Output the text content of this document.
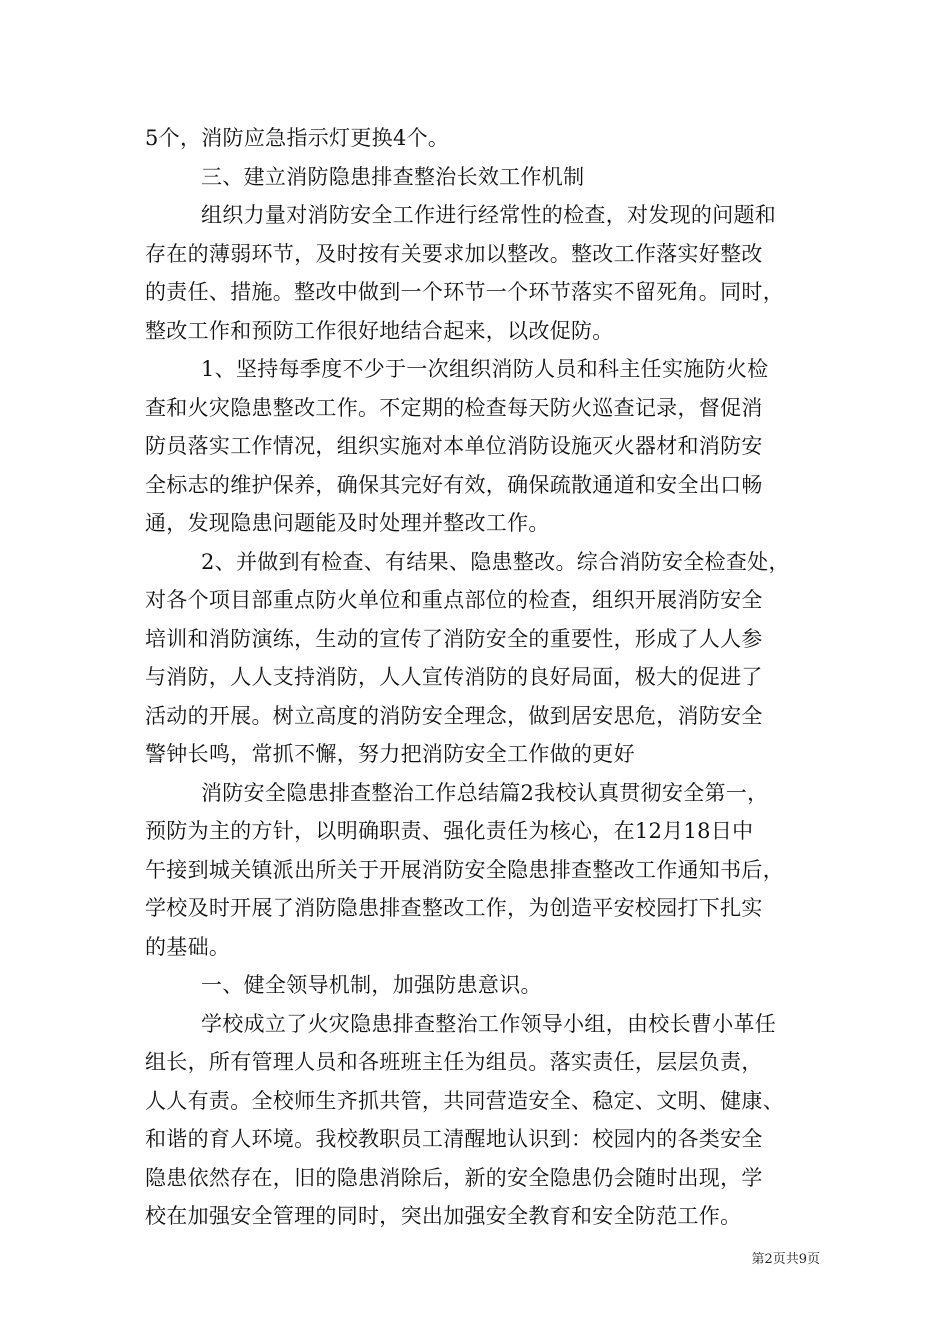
5个，消防应急指示灯更换4个。
三、建立消防隐患排查整治长效工作机制
组织力量对消防安全工作进行经常性的检查，对发现的问题和
存在的薄弱环节，及时按有关要求加以整改。整改工作落实好整改
的责任、措施。整改中做到一个环节一个环节落实不留死角。同时，
整改工作和预防工作很好地结合起来，以改促防。
1、坚持每季度不少于一次组织消防人员和科主任实施防火检
查和火灾隐患整改工作。不定期的检查每天防火巡查记录，督促消
防员落实工作情况，组织实施对本单位消防设施灭火器材和消防安
全标志的维护保养，确保其完好有效，确保疏散通道和安全出口畅
通，发现隐患问题能及时处理并整改工作。
2、并做到有检查、有结果、隐患整改。综合消防安全检查处，
对各个项目部重点防火单位和重点部位的检查，组织开展消防安全
培训和消防演练，生动的宣传了消防安全的重要性，形成了人人参
与消防，人人支持消防，人人宣传消防的良好局面，极大的促进了
活动的开展。树立高度的消防安全理念，做到居安思危，消防安全
警钟长鸣，常抓不懈，努力把消防安全工作做的更好
消防安全隐患排查整治工作总结篇2我校认真贯彻安全第一，
预防为主的方针，以明确职责、强化责任为核心，在12月18日中
午接到城关镇派出所关于开展消防安全隐患排查整改工作通知书后，
学校及时开展了消防隐患排查整改工作，为创造平安校园打下扎实
的基础。
一、健全领导机制，加强防患意识。
学校成立了火灾隐患排查整治工作领导小组，由校长曹小革任
组长，所有管理人员和各班班主任为组员。落实责任，层层负责，
人人有责。全校师生齐抓共管，共同营造安全、稳定、文明、健康、
和谐的育人环境。我校教职员工清醒地认识到：校园内的各类安全
隐患依然存在，旧的隐患消除后，新的安全隐患仍会随时出现，学
校在加强安全管理的同时，突出加强安全教育和安全防范工作。
第2页共9页
